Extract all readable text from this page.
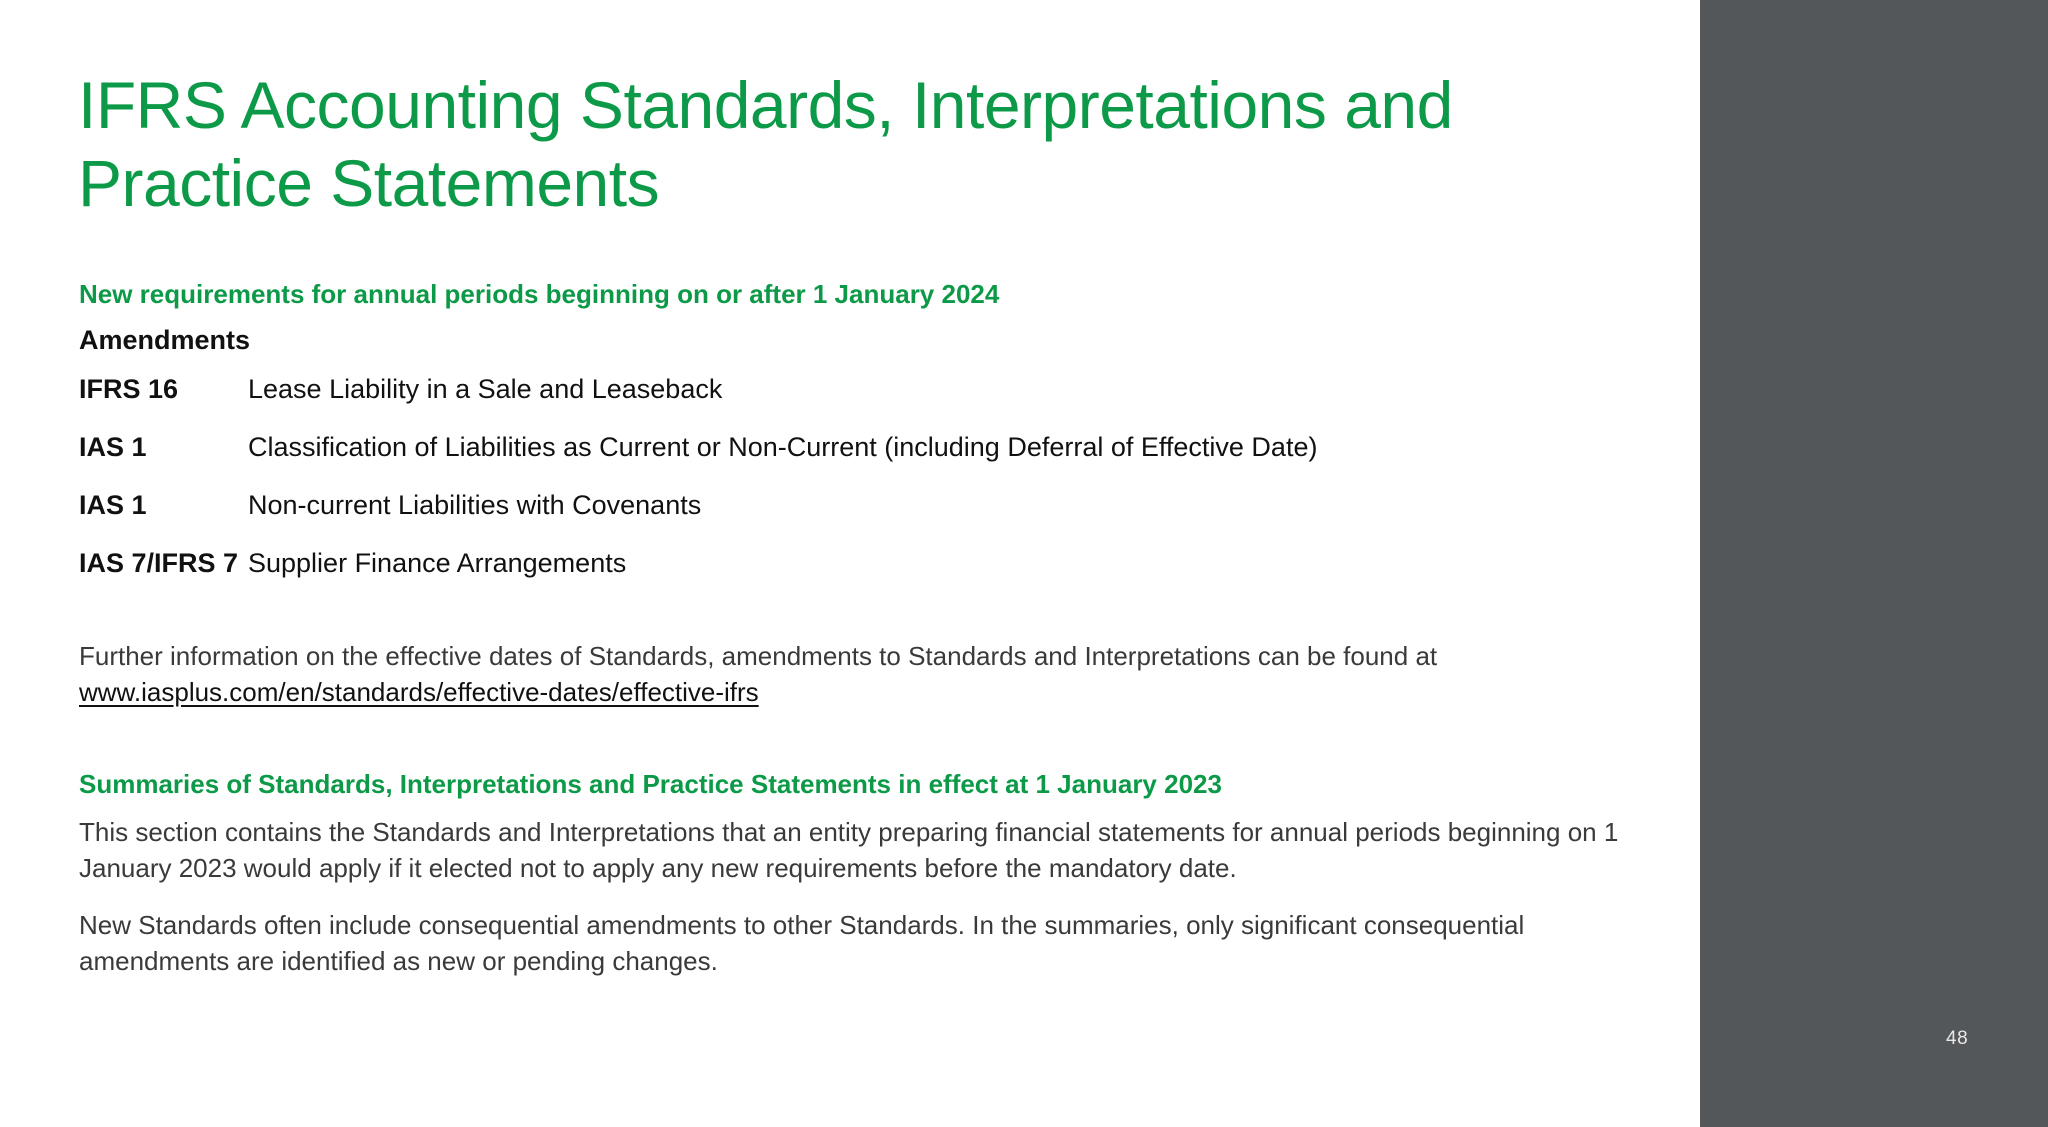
IFRS Accounting Standards, Interpretations and
Practice Statements
New requirements for annual periods beginning on or after 1 January 2024
Amendments
IFRS 16	Lease Liability in a Sale and Leaseback
IAS 1	Classification of Liabilities as Current or Non-Current (including Deferral of Effective Date)
IAS 1	Non-current Liabilities with Covenants
IAS 7/IFRS 7 Supplier Finance Arrangements

Further information on the effective dates of Standards, amendments to Standards and Interpretations can be found at
www.iasplus.com/en/standards/effective-dates/effective-ifrs

Summaries of Standards, Interpretations and Practice Statements in effect at 1 January 2023

This section contains the Standards and Interpretations that an entity preparing financial statements for annual periods beginning on 1 January 2023 would apply if it elected not to apply any new requirements before the mandatory date.

New Standards often include consequential amendments to other Standards. In the summaries, only significant consequential amendments are identified as new or pending changes.

48
